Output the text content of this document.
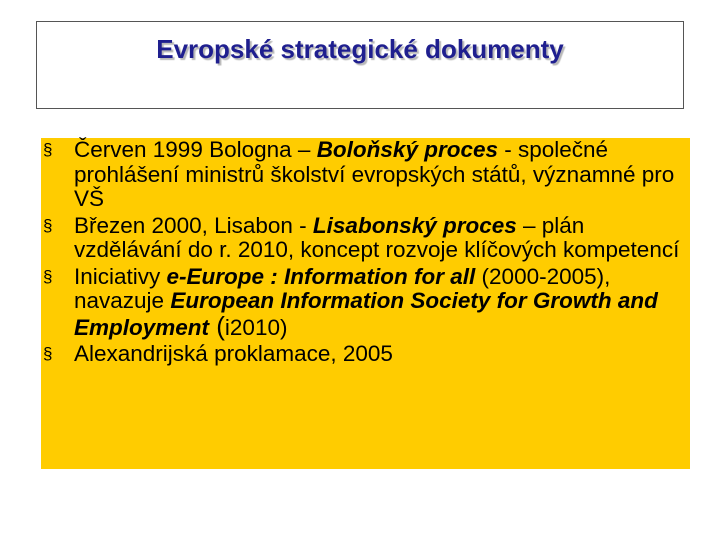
Evropské strategické dokumenty
§ Červen 1999 Bologna – Boloňský proces - společné prohlášení ministrů školství evropských států, významné pro VŠ
§ Březen 2000, Lisabon - Lisabonský proces – plán vzdělávání do r. 2010, koncept rozvoje klíčových kompetencí
§ Iniciativy e-Europe : Information for all (2000-2005), navazuje European Information Society for Growth and Employment (i2010)
§ Alexandrijská proklamace, 2005
